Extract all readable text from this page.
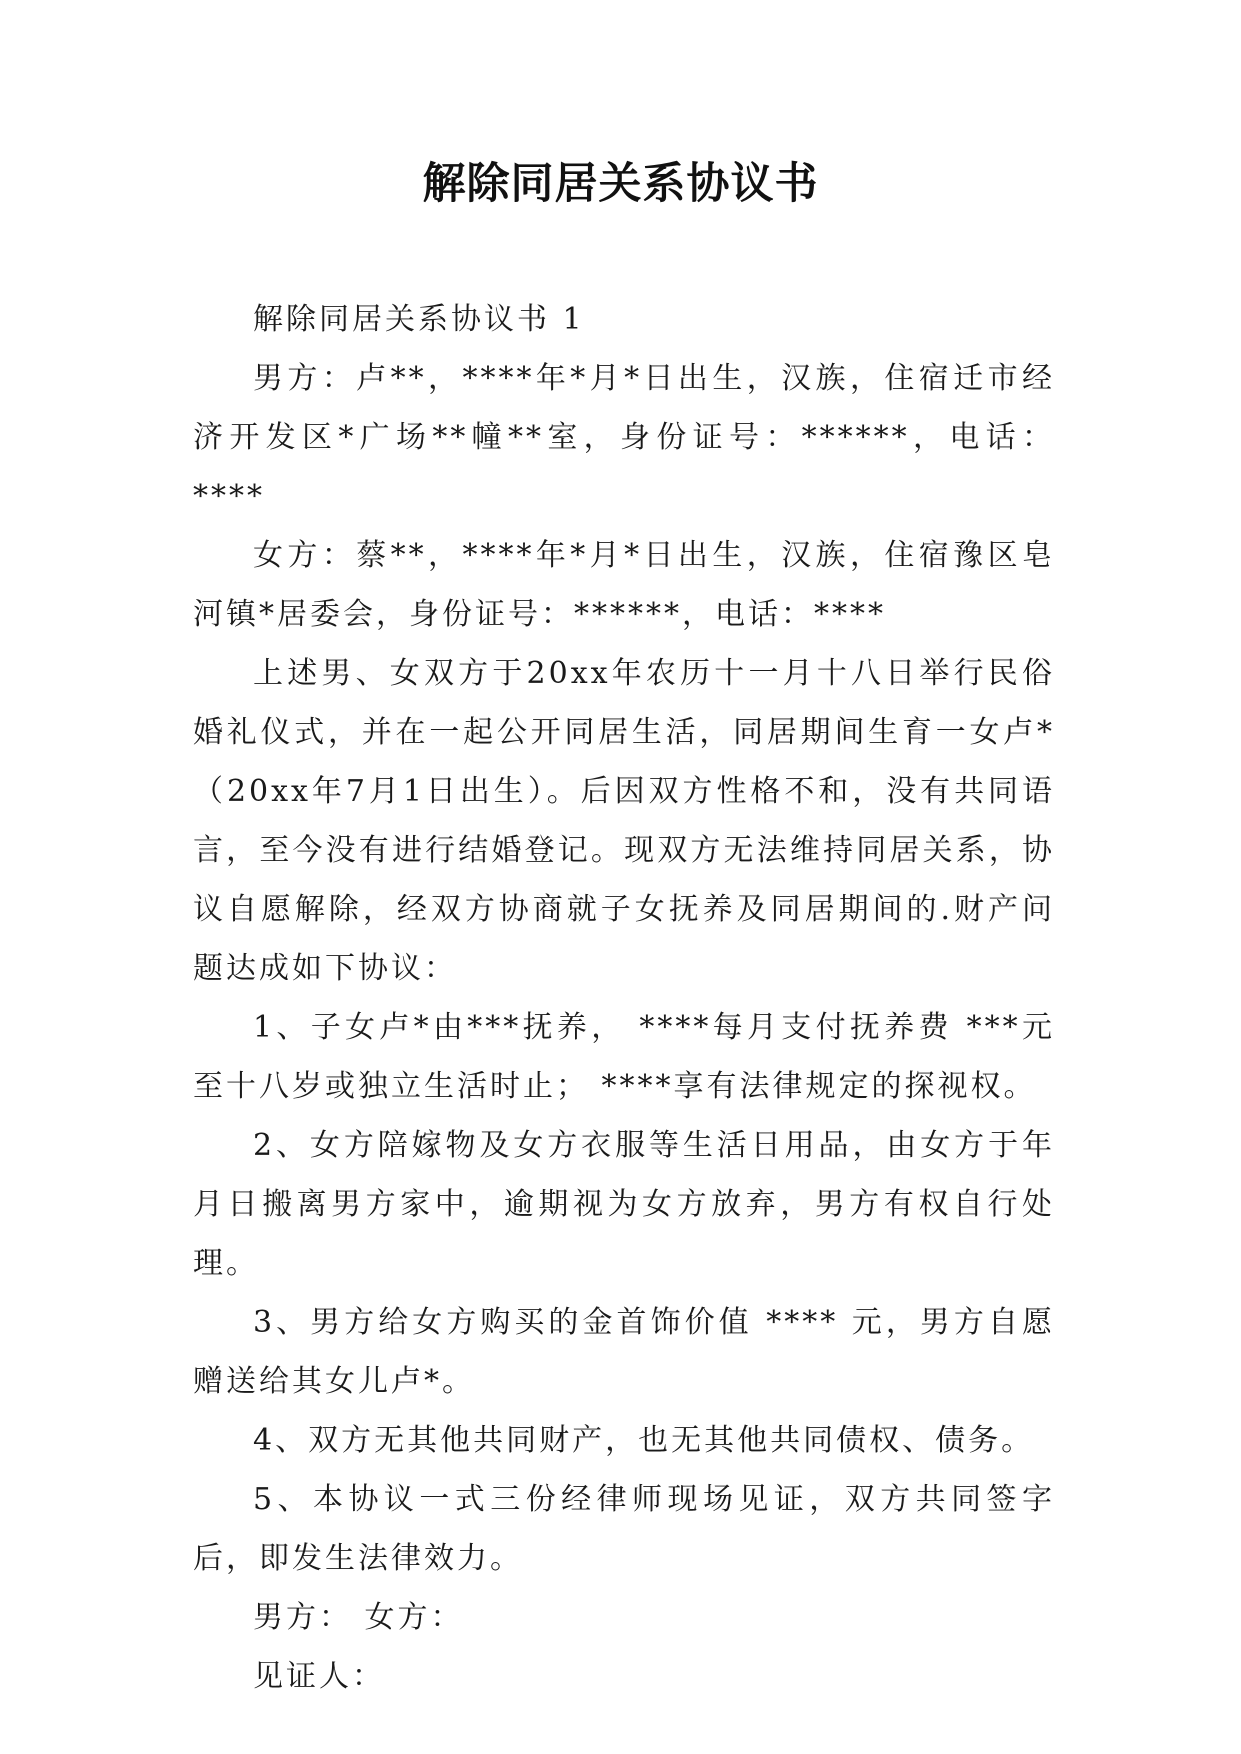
解除同居关系协议书

解除同居关系协议书 1

男方：卢**，****年*月*日出生，汉族，住宿迁市经济开发区*广场**幢**室，身份证号：******，电话：****

女方：蔡**，****年*月*日出生，汉族，住宿豫区皂河镇*居委会，身份证号：******，电话：****

上述男、女双方于20xx年农历十一月十八日举行民俗婚礼仪式，并在一起公开同居生活，同居期间生育一女卢*（20xx年7月1日出生）。后因双方性格不和，没有共同语言，至今没有进行结婚登记。现双方无法维持同居关系，协议自愿解除，经双方协商就子女抚养及同居期间的.财产问题达成如下协议：

1、子女卢*由***抚养， ****每月支付抚养费 ***元至十八岁或独立生活时止； ****享有法律规定的探视权。

2、女方陪嫁物及女方衣服等生活日用品，由女方于年月日搬离男方家中，逾期视为女方放弃，男方有权自行处理。

3、男方给女方购买的金首饰价值 **** 元，男方自愿赠送给其女儿卢*。

4、双方无其他共同财产，也无其他共同债权、债务。

5、本协议一式三份经律师现场见证，双方共同签字后，即发生法律效力。

男方： 女方：

见证人：
